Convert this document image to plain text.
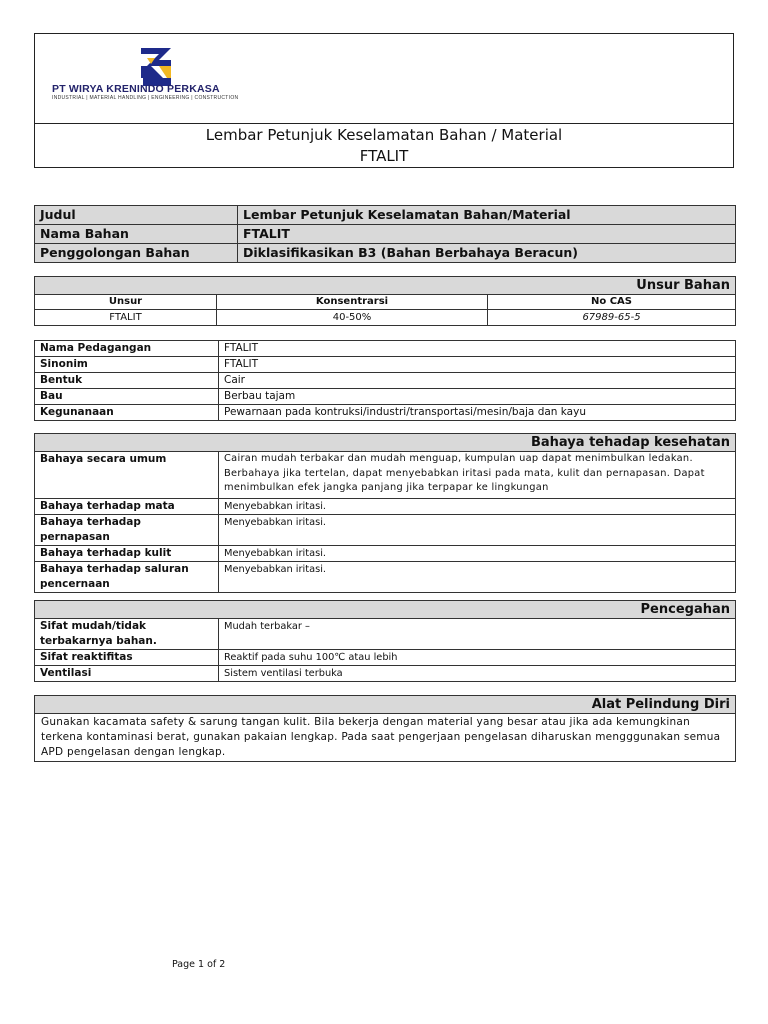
PT WIRYA KRENINDO PERKASA
INDUSTRIAL | MATERIAL HANDLING | ENGINEERING | CONSTRUCTION
Lembar Petunjuk Keselamatan Bahan / Material
FTALIT
Judul	Lembar Petunjuk Keselamatan Bahan/Material
Nama Bahan	FTALIT
Penggolongan Bahan	Diklasifikasikan B3 (Bahan Berbahaya Beracun)
Unsur Bahan		
Unsur	Konsentrarsi	No CAS
FTALIT	40-50%	67989-65-5
Nama Pedagangan	FTALIT
Sinonim	FTALIT
Bentuk	Cair
Bau	Berbau tajam
Kegunanaan	Pewarnaan pada kontruksi/industri/transportasi/mesin/baja dan kayu
Bahaya tehadap kesehatan	
Bahaya secara umum	Cairan mudah terbakar dan mudah menguap, kumpulan uap dapat menimbulkan ledakan. Berbahaya jika tertelan, dapat menyebabkan iritasi pada mata, kulit dan pernapasan. Dapat menimbulkan efek jangka panjang jika terpapar ke lingkungan
Bahaya terhadap mata	Menyebabkan iritasi.
Bahaya terhadap pernapasan	Menyebabkan iritasi.
Bahaya terhadap kulit	Menyebabkan iritasi.
Bahaya terhadap saluran pencernaan	Menyebabkan iritasi.
Pencegahan	
Sifat mudah/tidak terbakarnya bahan.	Mudah terbakar –
Sifat reaktifitas	Reaktif pada suhu 100℃ atau lebih
Ventilasi	Sistem ventilasi terbuka
Alat Pelindung Diri
Gunakan kacamata safety & sarung tangan kulit. Bila bekerja dengan material yang besar atau jika ada kemungkinan terkena kontaminasi berat, gunakan pakaian lengkap. Pada saat pengerjaan pengelasan diharuskan mengggunakan semua APD pengelasan dengan lengkap.
Page 1 of 2
